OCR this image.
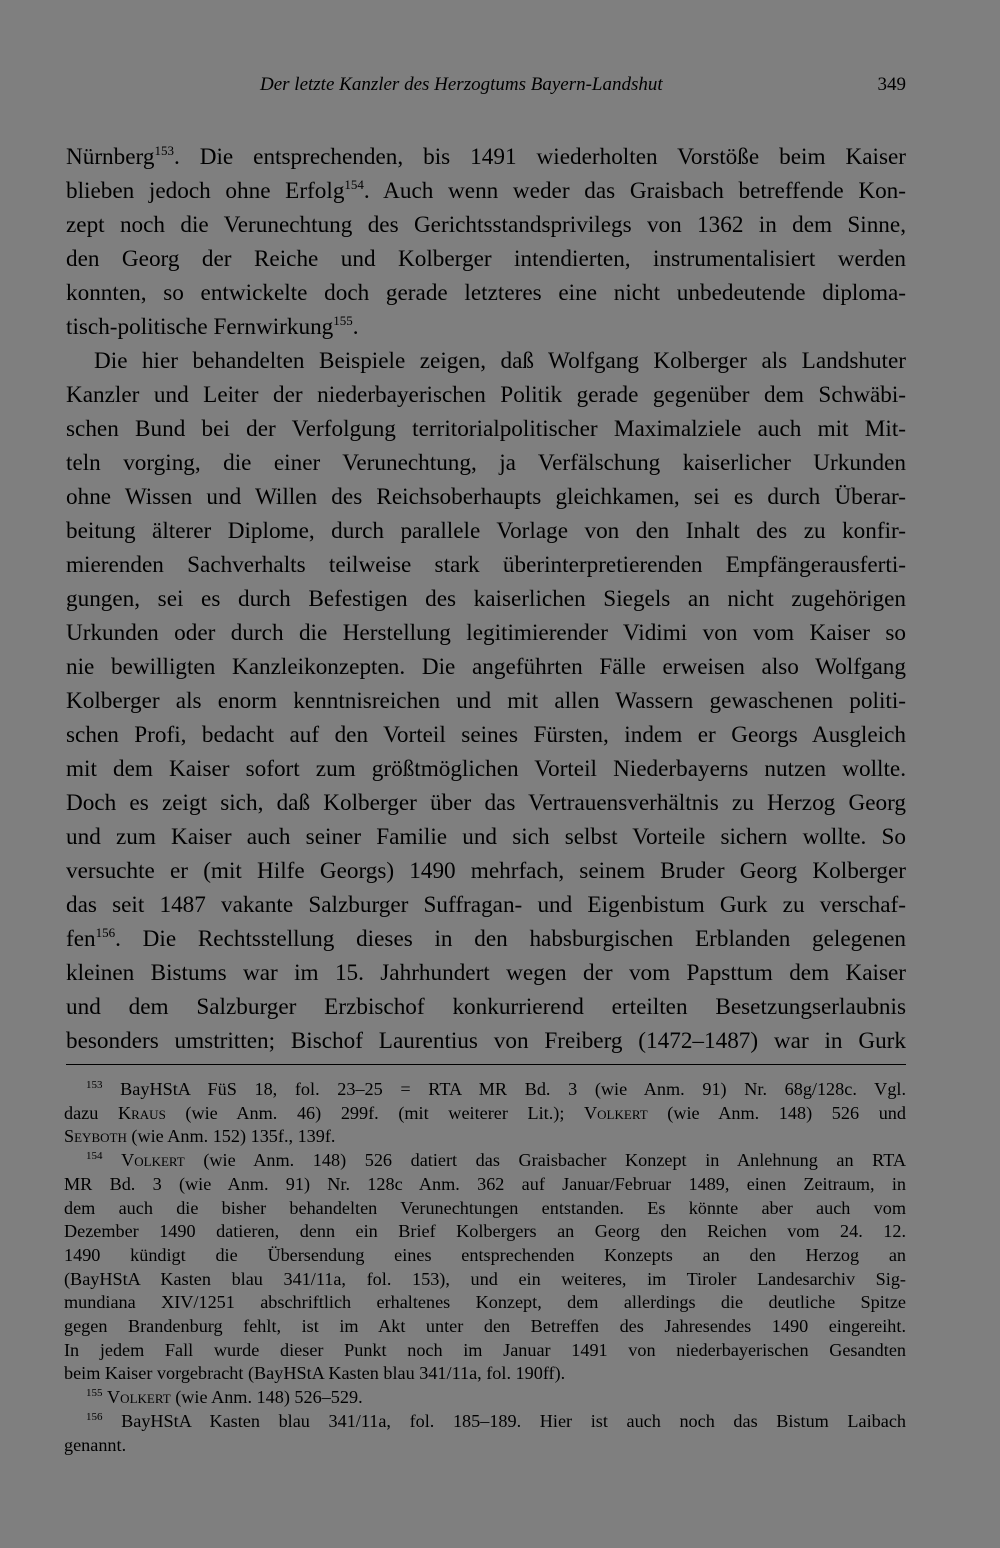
Der letzte Kanzler des Herzogtums Bayern-Landshut	349

Nürnberg$^{153}$. Die entsprechenden, bis 1491 wiederholten Vorstöße beim Kaiser
blieben jedoch ohne Erfolg$^{154}$. Auch wenn weder das Graisbach betreffende Kon-
zept noch die Verunechtung des Gerichtsstandsprivilegs von 1362 in dem Sinne,
den Georg der Reiche und Kolberger intendierten, instrumentalisiert werden
konnten, so entwickelte doch gerade letzteres eine nicht unbedeutende diploma-
tisch-politische Fernwirkung$^{155}$.

Die hier behandelten Beispiele zeigen, daß Wolfgang Kolberger als Landshuter
Kanzler und Leiter der niederbayerischen Politik gerade gegenüber dem Schwäbi-
schen Bund bei der Verfolgung territorialpolitischer Maximalziele auch mit Mit-
teln vorging, die einer Verunechtung, ja Verfälschung kaiserlicher Urkunden
ohne Wissen und Willen des Reichsoberhaupts gleichkamen, sei es durch Überar-
beitung älterer Diplome, durch parallele Vorlage von den Inhalt des zu konfir-
mierenden Sachverhalts teilweise stark überinterpretierenden Empfängerausferti-
gungen, sei es durch Befestigen des kaiserlichen Siegels an nicht zugehörigen
Urkunden oder durch die Herstellung legitimierender Vidimi von vom Kaiser so
nie bewilligten Kanzleikonzepten. Die angeführten Fälle erweisen also Wolfgang
Kolberger als enorm kenntnisreichen und mit allen Wassern gewaschenen politi-
schen Profi, bedacht auf den Vorteil seines Fürsten, indem er Georgs Ausgleich
mit dem Kaiser sofort zum größtmöglichen Vorteil Niederbayerns nutzen wollte.
Doch es zeigt sich, daß Kolberger über das Vertrauensverhältnis zu Herzog Georg
und zum Kaiser auch seiner Familie und sich selbst Vorteile sichern wollte. So
versuchte er (mit Hilfe Georgs) 1490 mehrfach, seinem Bruder Georg Kolberger
das seit 1487 vakante Salzburger Suffragan- und Eigenbistum Gurk zu verschaf-
fen$^{156}$. Die Rechtsstellung dieses in den habsburgischen Erblanden gelegenen
kleinen Bistums war im 15. Jahrhundert wegen der vom Papsttum dem Kaiser
und dem Salzburger Erzbischof konkurrierend erteilten Besetzungserlaubnis
besonders umstritten; Bischof Laurentius von Freiberg (1472–1487) war in Gurk

$^{153}$ BayHStA FüS 18, fol. 23–25 = RTA MR Bd. 3 (wie Anm. 91) Nr. 68g/128c. Vgl.
dazu Kraus (wie Anm. 46) 299f. (mit weiterer Lit.); Volkert (wie Anm. 148) 526 und
Seyboth (wie Anm. 152) 135f., 139f.
$^{154}$ Volkert (wie Anm. 148) 526 datiert das Graisbacher Konzept in Anlehnung an RTA
MR Bd. 3 (wie Anm. 91) Nr. 128c Anm. 362 auf Januar/Februar 1489, einen Zeitraum, in
dem auch die bisher behandelten Verunechtungen entstanden. Es könnte aber auch vom
Dezember 1490 datieren, denn ein Brief Kolbergers an Georg den Reichen vom 24. 12.
1490 kündigt die Übersendung eines entsprechenden Konzepts an den Herzog an
(BayHStA Kasten blau 341/11a, fol. 153), und ein weiteres, im Tiroler Landesarchiv Sig-
mundiana XIV/1251 abschriftlich erhaltenes Konzept, dem allerdings die deutliche Spitze
gegen Brandenburg fehlt, ist im Akt unter den Betreffen des Jahresendes 1490 eingereiht.
In jedem Fall wurde dieser Punkt noch im Januar 1491 von niederbayerischen Gesandten
beim Kaiser vorgebracht (BayHStA Kasten blau 341/11a, fol. 190ff).
$^{155}$ Volkert (wie Anm. 148) 526–529.
$^{156}$ BayHStA Kasten blau 341/11a, fol. 185–189. Hier ist auch noch das Bistum Laibach
genannt.
